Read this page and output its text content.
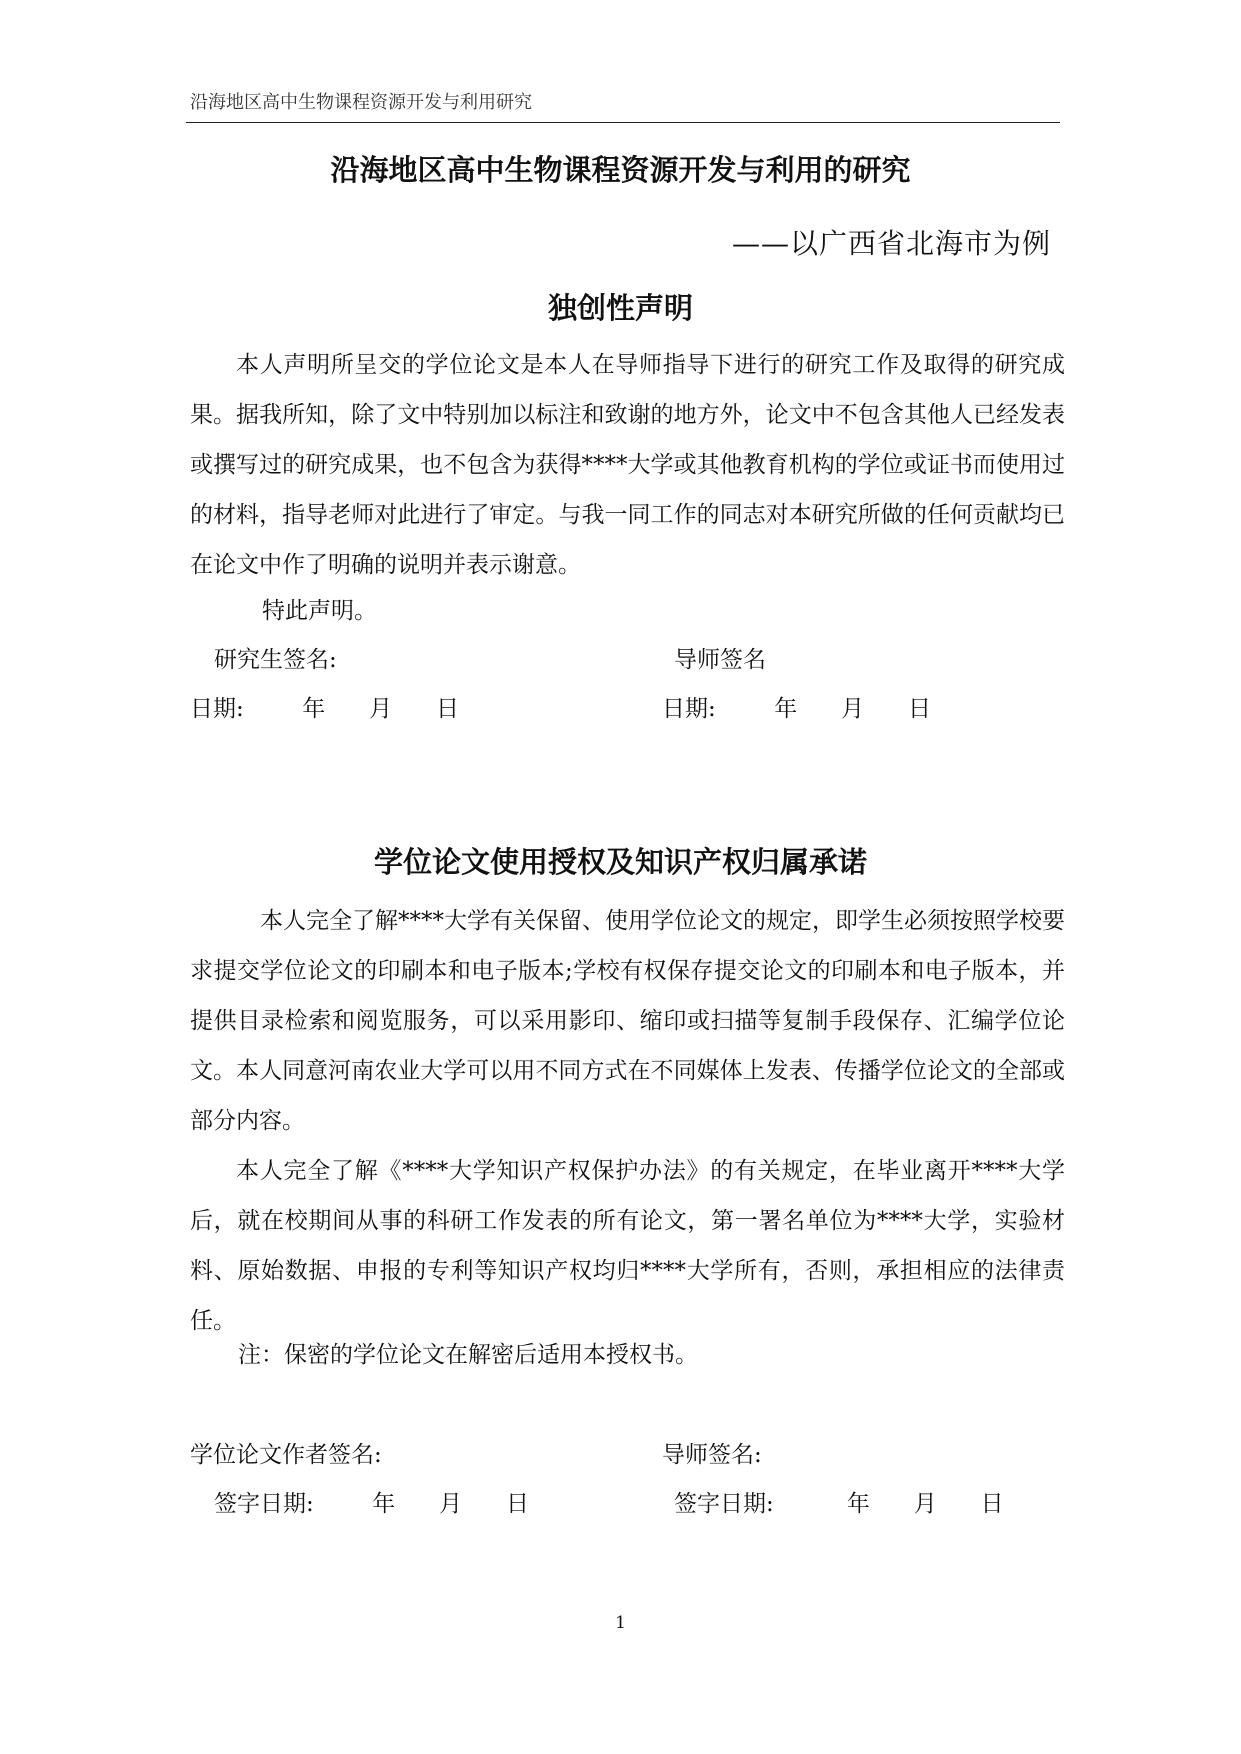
沿海地区高中生物课程资源开发与利用研究
沿海地区高中生物课程资源开发与利用的研究
——以广西省北海市为例
独创性声明
本人声明所呈交的学位论文是本人在导师指导下进行的研究工作及取得的研究成果。据我所知，除了文中特别加以标注和致谢的地方外，论文中不包含其他人已经发表或撰写过的研究成果，也不包含为获得****大学或其他教育机构的学位或证书而使用过的材料，指导老师对此进行了审定。与我一同工作的同志对本研究所做的任何贡献均已在论文中作了明确的说明并表示谢意。
特此声明。
研究生签名:	导师签名
日期:        年      月      日	日期:        年      月      日
学位论文使用授权及知识产权归属承诺
本人完全了解****大学有关保留、使用学位论文的规定，即学生必须按照学校要求提交学位论文的印刷本和电子版本;学校有权保存提交论文的印刷本和电子版本，并提供目录检索和阅览服务，可以采用影印、缩印或扫描等复制手段保存、汇编学位论文。本人同意河南农业大学可以用不同方式在不同媒体上发表、传播学位论文的全部或部分内容。
本人完全了解《****大学知识产权保护办法》的有关规定，在毕业离开****大学后，就在校期间从事的科研工作发表的所有论文，第一署名单位为****大学，实验材料、原始数据、申报的专利等知识产权均归****大学所有，否则，承担相应的法律责任。
注：保密的学位论文在解密后适用本授权书。
学位论文作者签名:	导师签名:
签字日期:        年      月      日	签字日期:          年      月      日
1
